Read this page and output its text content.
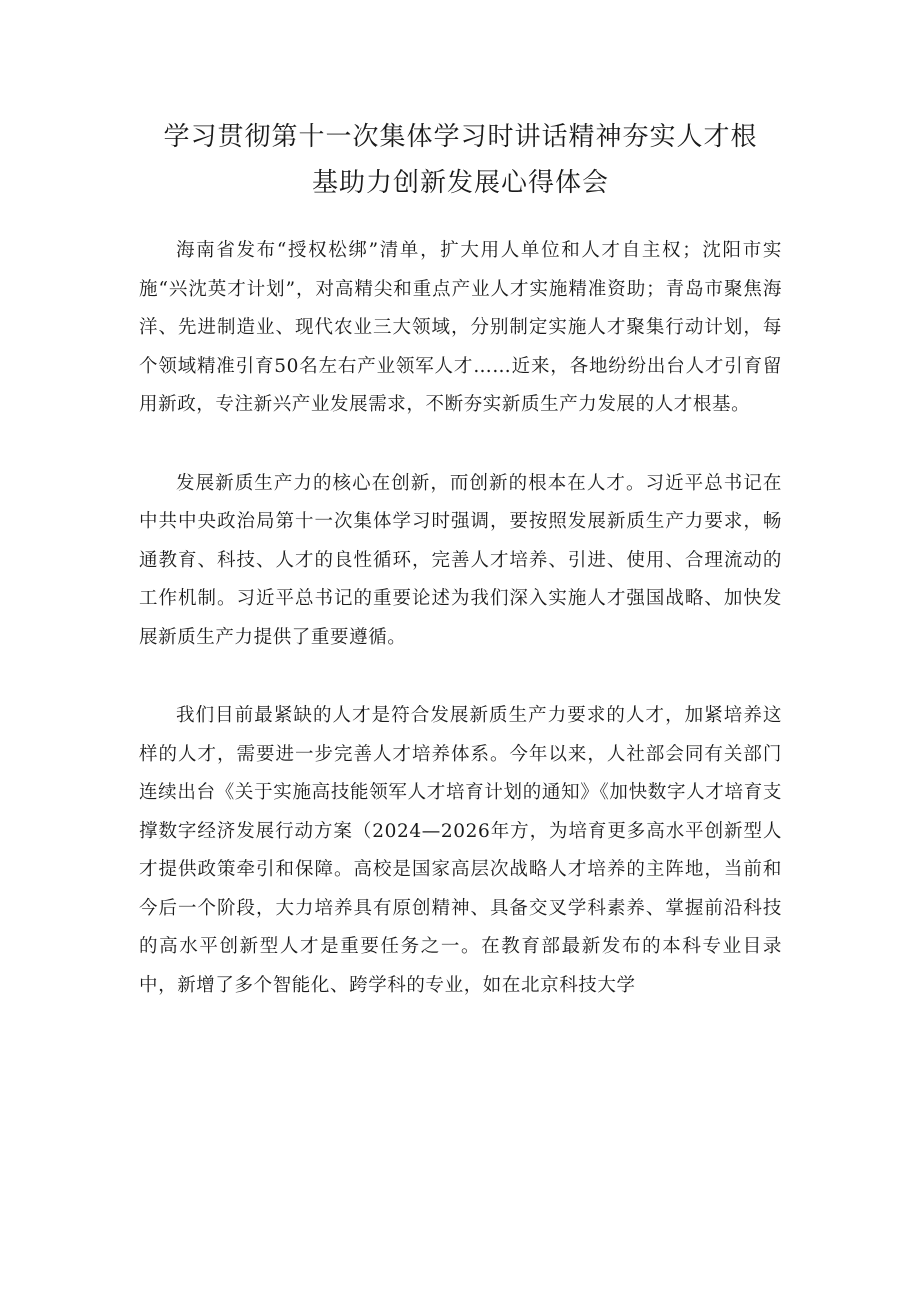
学习贯彻第十一次集体学习时讲话精神夯实人才根
基助力创新发展心得体会

海南省发布“授权松绑”清单，扩大用人单位和人才自主权；沈阳市实施“兴沈英才计划”，对高精尖和重点产业人才实施精准资助；青岛市聚焦海洋、先进制造业、现代农业三大领域，分别制定实施人才聚集行动计划，每个领域精准引育50名左右产业领军人才……近来，各地纷纷出台人才引育留用新政，专注新兴产业发展需求，不断夯实新质生产力发展的人才根基。

发展新质生产力的核心在创新，而创新的根本在人才。习近平总书记在中共中央政治局第十一次集体学习时强调，要按照发展新质生产力要求，畅通教育、科技、人才的良性循环，完善人才培养、引进、使用、合理流动的工作机制。习近平总书记的重要论述为我们深入实施人才强国战略、加快发展新质生产力提供了重要遵循。

我们目前最紧缺的人才是符合发展新质生产力要求的人才，加紧培养这样的人才，需要进一步完善人才培养体系。今年以来，人社部会同有关部门连续出台《关于实施高技能领军人才培育计划的通知》《加快数字人才培育支撑数字经济发展行动方案（2024—2026年方，为培育更多高水平创新型人才提供政策牵引和保障。高校是国家高层次战略人才培养的主阵地，当前和今后一个阶段，大力培养具有原创精神、具备交叉学科素养、掌握前沿科技的高水平创新型人才是重要任务之一。在教育部最新发布的本科专业目录中，新增了多个智能化、跨学科的专业，如在北京科技大学
